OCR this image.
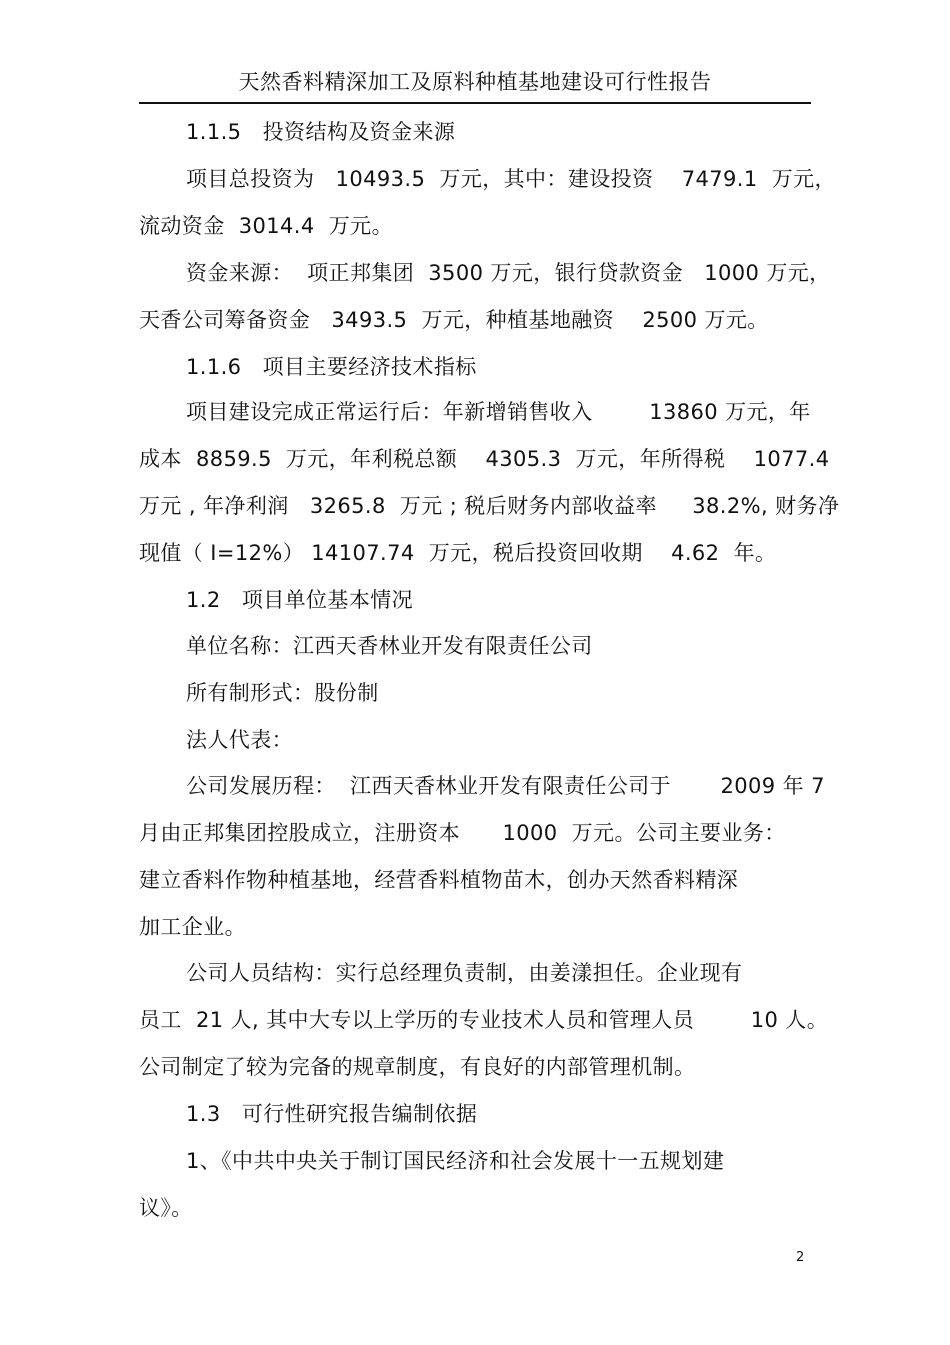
天然香料精深加工及原料种植基地建设可行性报告
1.1.5   投资结构及资金来源
项目总投资为   10493.5  万元，其中：建设投资    7479.1  万元，
流动资金  3014.4  万元。
资金来源：  项正邦集团  3500 万元，银行贷款资金   1000 万元，
天香公司筹备资金   3493.5  万元，种植基地融资    2500 万元。
1.1.6   项目主要经济技术指标
项目建设完成正常运行后：年新增销售收入        13860 万元，年
成本  8859.5  万元，年利税总额    4305.3  万元，年所得税    1077.4
万元 , 年净利润   3265.8  万元 ; 税后财务内部收益率     38.2%, 财务净
现值（ I=12%） 14107.74  万元，税后投资回收期    4.62  年。
1.2   项目单位基本情况
单位名称：江西天香林业开发有限责任公司
所有制形式：股份制
法人代表：
公司发展历程：  江西天香林业开发有限责任公司于       2009 年 7
月由正邦集团控股成立，注册资本      1000  万元。公司主要业务：
建立香料作物种植基地，经营香料植物苗木，创办天然香料精深
加工企业。
公司人员结构：实行总经理负责制，由姜漾担任。企业现有
员工  21 人, 其中大专以上学历的专业技术人员和管理人员        10 人。
公司制定了较为完备的规章制度，有良好的内部管理机制。
1.3   可行性研究报告编制依据
1、《中共中央关于制订国民经济和社会发展十一五规划建
议》。
2
